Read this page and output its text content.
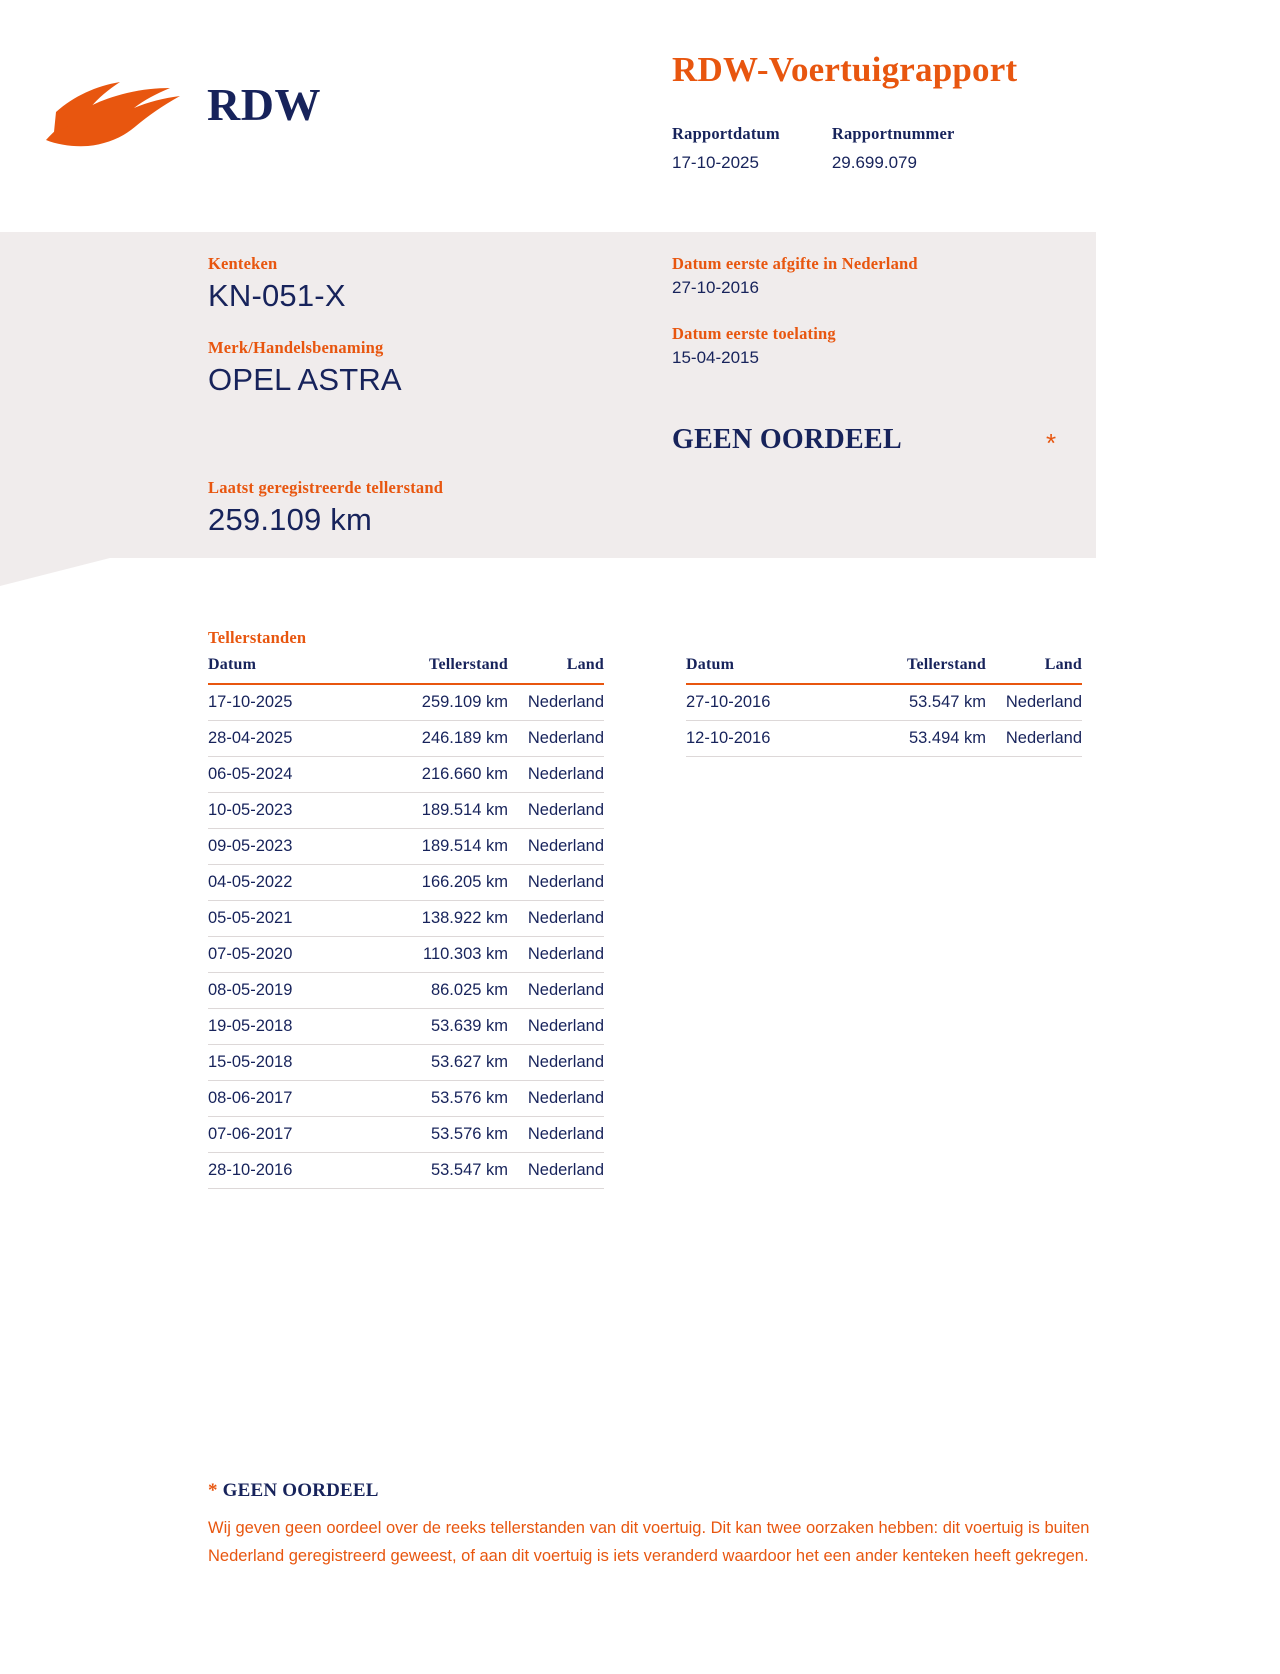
RDW
RDW-Voertuigrapport
Rapportdatum
17-10-2025
Rapportnummer
29.699.079
Kenteken
KN-051-X
Merk/Handelsbenaming
OPEL ASTRA
Laatst geregistreerde tellerstand
259.109 km
Datum eerste afgifte in Nederland
27-10-2016
Datum eerste toelating
15-04-2015
GEEN OORDEEL	*
Tellerstanden
Datum	Tellerstand	Land
17-10-2025	259.109 km	Nederland
28-04-2025	246.189 km	Nederland
06-05-2024	216.660 km	Nederland
10-05-2023	189.514 km	Nederland
09-05-2023	189.514 km	Nederland
04-05-2022	166.205 km	Nederland
05-05-2021	138.922 km	Nederland
07-05-2020	110.303 km	Nederland
08-05-2019	86.025 km	Nederland
19-05-2018	53.639 km	Nederland
15-05-2018	53.627 km	Nederland
08-06-2017	53.576 km	Nederland
07-06-2017	53.576 km	Nederland
28-10-2016	53.547 km	Nederland
Datum	Tellerstand	Land
27-10-2016	53.547 km	Nederland
12-10-2016	53.494 km	Nederland
* GEEN OORDEEL
Wij geven geen oordeel over de reeks tellerstanden van dit voertuig. Dit kan twee oorzaken hebben: dit voertuig is buiten Nederland geregistreerd geweest, of aan dit voertuig is iets veranderd waardoor het een ander kenteken heeft gekregen.
